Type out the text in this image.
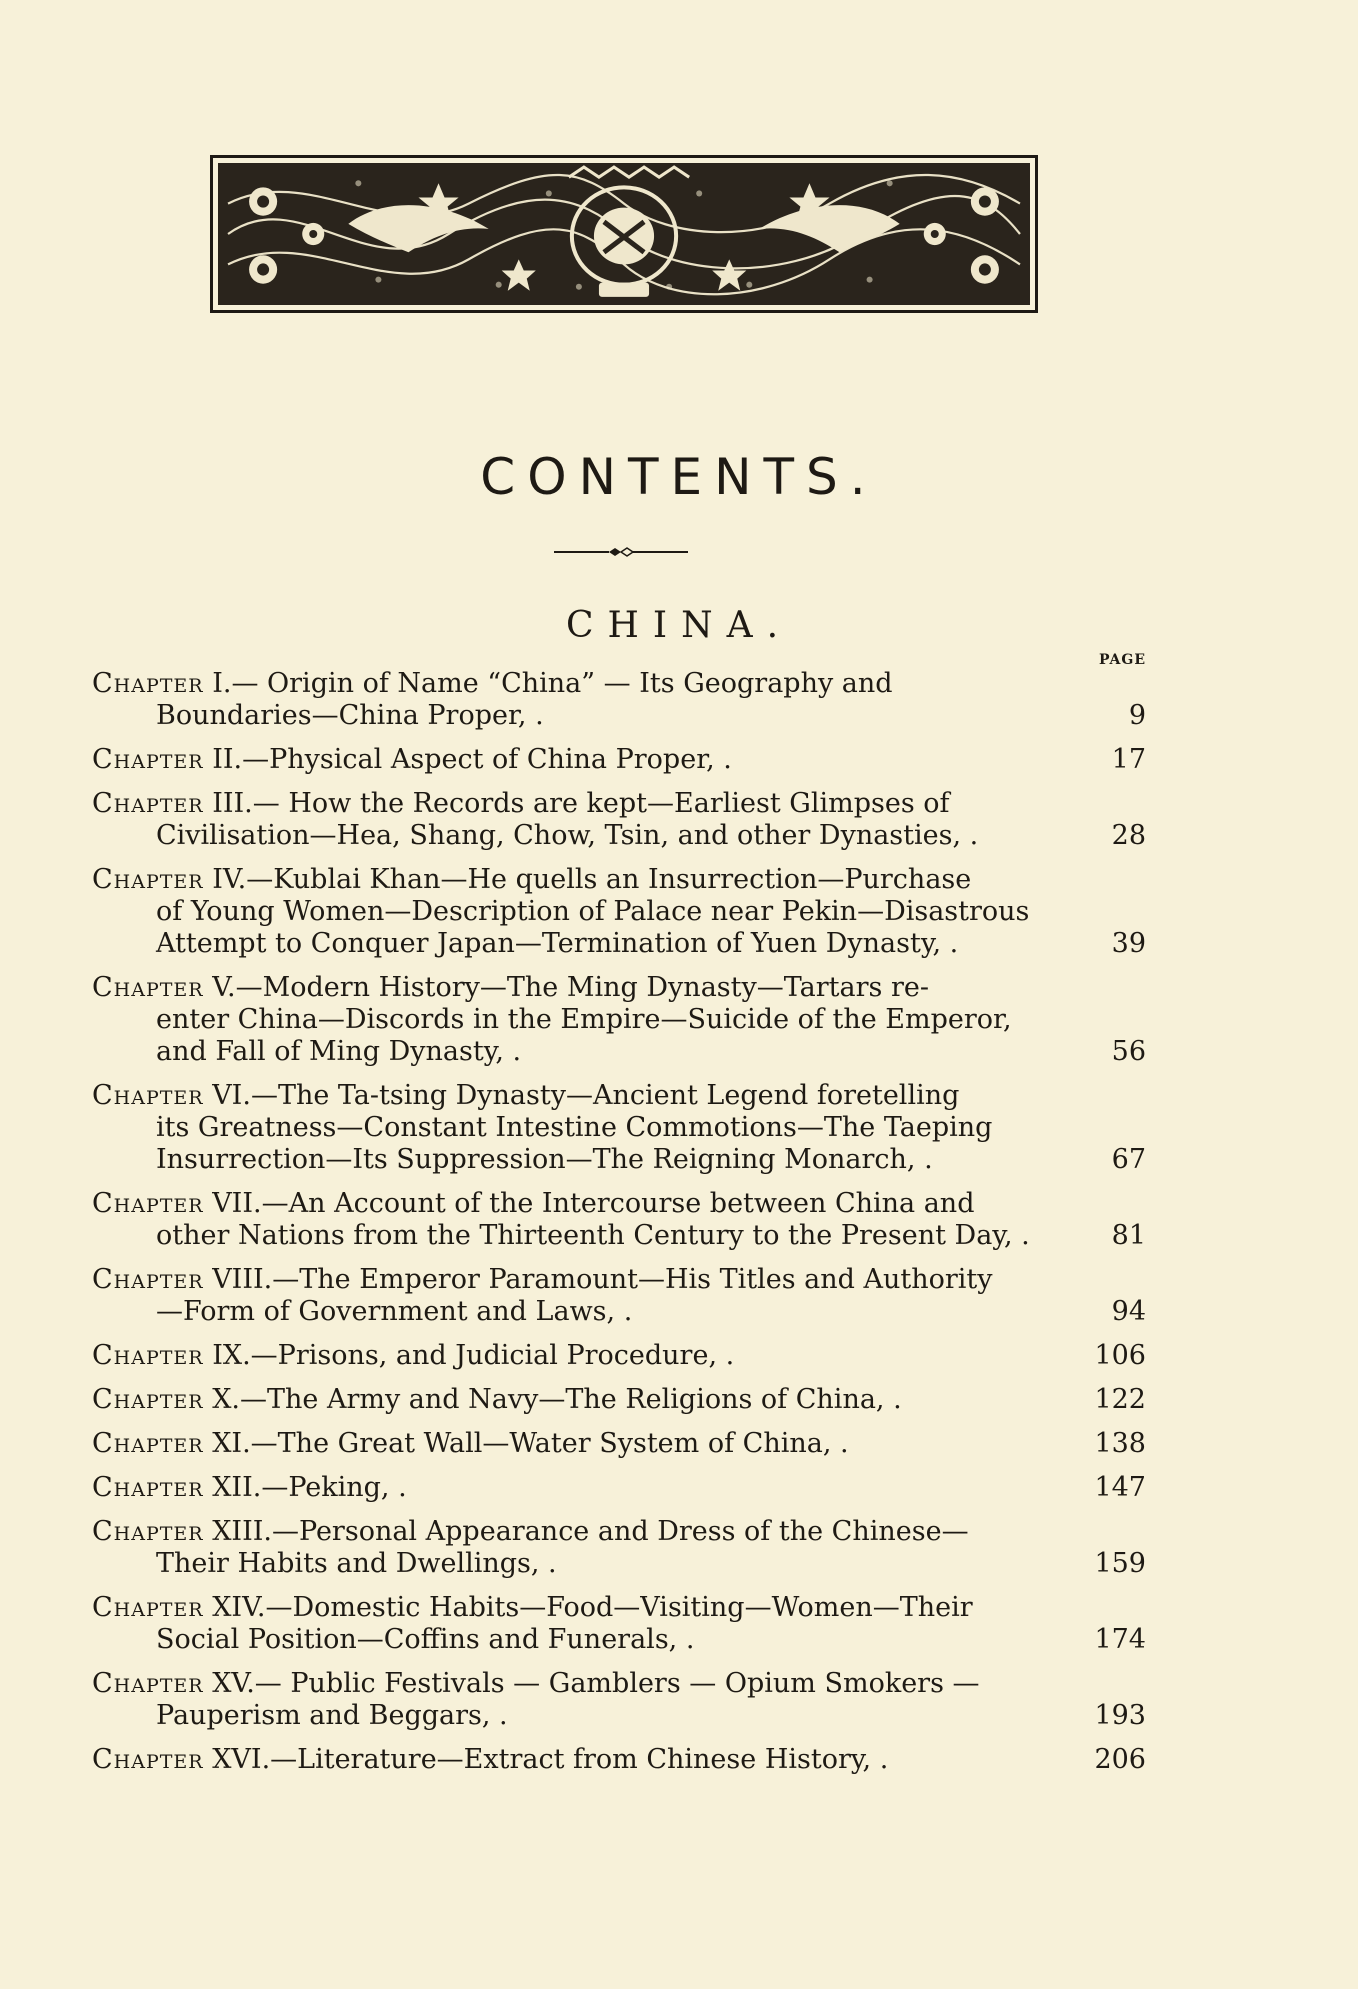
CONTENTS.
CHINA.
PAGE
Chapter I.— Origin of Name “China” — Its Geography and
Boundaries—China Proper, .	9
Chapter II.—Physical Aspect of China Proper, .	17
Chapter III.— How the Records are kept—Earliest Glimpses of
Civilisation—Hea, Shang, Chow, Tsin, and other Dynasties, .	28
Chapter IV.—Kublai Khan—He quells an Insurrection—Purchase
of Young Women—Description of Palace near Pekin—Disastrous
Attempt to Conquer Japan—Termination of Yuen Dynasty, .	39
Chapter V.—Modern History—The Ming Dynasty—Tartars re-
enter China—Discords in the Empire—Suicide of the Emperor,
and Fall of Ming Dynasty, .	56
Chapter VI.—The Ta-tsing Dynasty—Ancient Legend foretelling
its Greatness—Constant Intestine Commotions—The Taeping
Insurrection—Its Suppression—The Reigning Monarch, .	67
Chapter VII.—An Account of the Intercourse between China and
other Nations from the Thirteenth Century to the Present Day, .	81
Chapter VIII.—The Emperor Paramount—His Titles and Authority
—Form of Government and Laws, .	94
Chapter IX.—Prisons, and Judicial Procedure, .	106
Chapter X.—The Army and Navy—The Religions of China, .	122
Chapter XI.—The Great Wall—Water System of China, .	138
Chapter XII.—Peking, .	147
Chapter XIII.—Personal Appearance and Dress of the Chinese—
Their Habits and Dwellings, .	159
Chapter XIV.—Domestic Habits—Food—Visiting—Women—Their
Social Position—Coffins and Funerals, .	174
Chapter XV.— Public Festivals — Gamblers — Opium Smokers —
Pauperism and Beggars, .	193
Chapter XVI.—Literature—Extract from Chinese History, .	206
